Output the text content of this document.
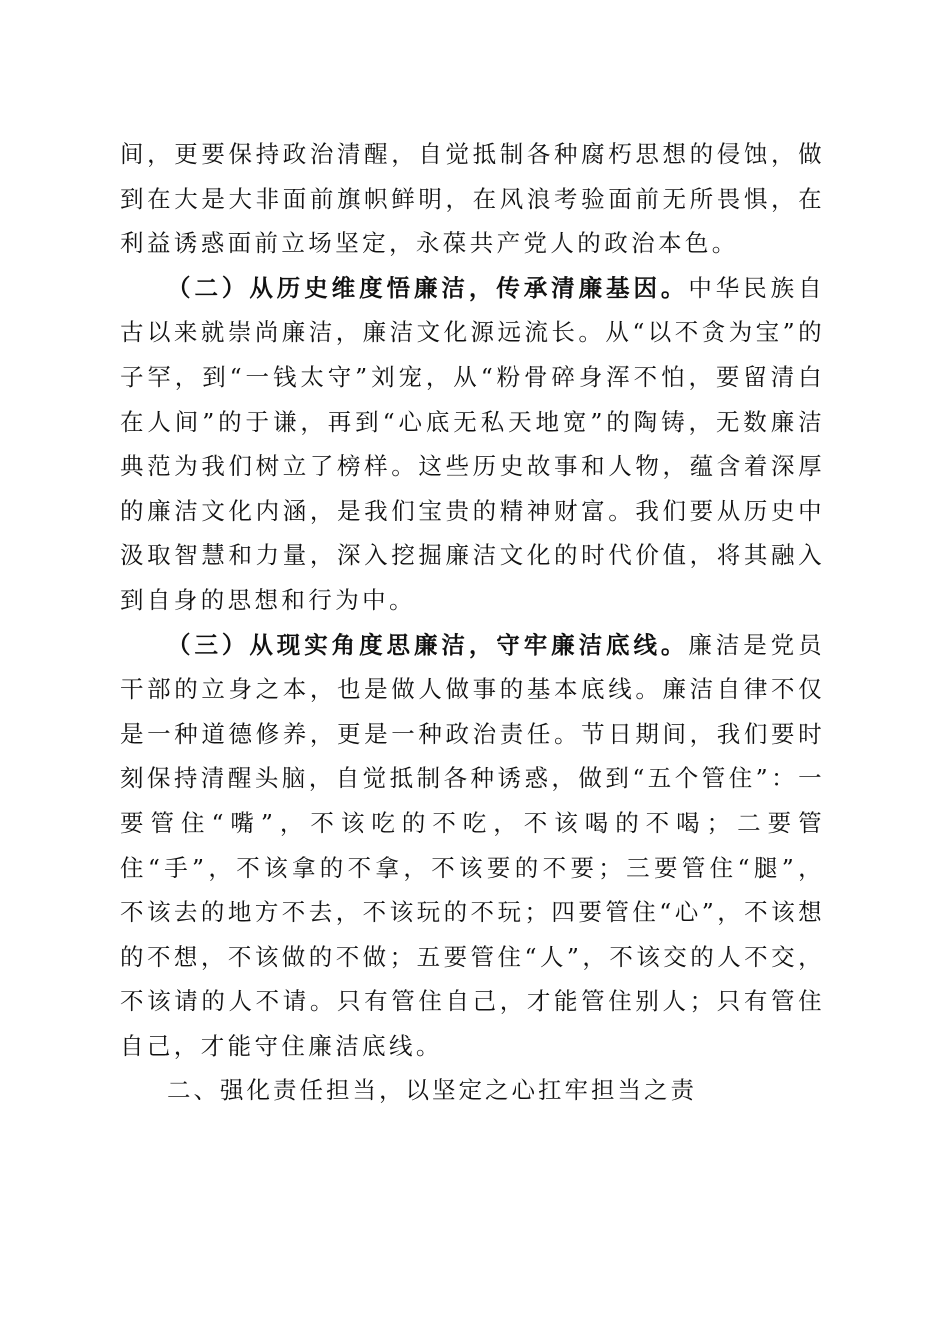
间，更要保持政治清醒，自觉抵制各种腐朽思想的侵蚀，做到在大是大非面前旗帜鲜明，在风浪考验面前无所畏惧，在利益诱惑面前立场坚定，永葆共产党人的政治本色。

（二）从历史维度悟廉洁，传承清廉基因。中华民族自古以来就崇尚廉洁，廉洁文化源远流长。从“以不贪为宝”的子罕，到“一钱太守”刘宠，从“粉骨碎身浑不怕，要留清白在人间”的于谦，再到“心底无私天地宽”的陶铸，无数廉洁典范为我们树立了榜样。这些历史故事和人物，蕴含着深厚的廉洁文化内涵，是我们宝贵的精神财富。我们要从历史中汲取智慧和力量，深入挖掘廉洁文化的时代价值，将其融入到自身的思想和行为中。

（三）从现实角度思廉洁，守牢廉洁底线。廉洁是党员干部的立身之本，也是做人做事的基本底线。廉洁自律不仅是一种道德修养，更是一种政治责任。节日期间，我们要时刻保持清醒头脑，自觉抵制各种诱惑，做到“五个管住”：一要管住“嘴”，不该吃的不吃，不该喝的不喝；二要管住“手”，不该拿的不拿，不该要的不要；三要管住“腿”，不该去的地方不去，不该玩的不玩；四要管住“心”，不该想的不想，不该做的不做；五要管住“人”，不该交的人不交，不该请的人不请。只有管住自己，才能管住别人；只有管住自己，才能守住廉洁底线。

二、强化责任担当，以坚定之心扛牢担当之责
